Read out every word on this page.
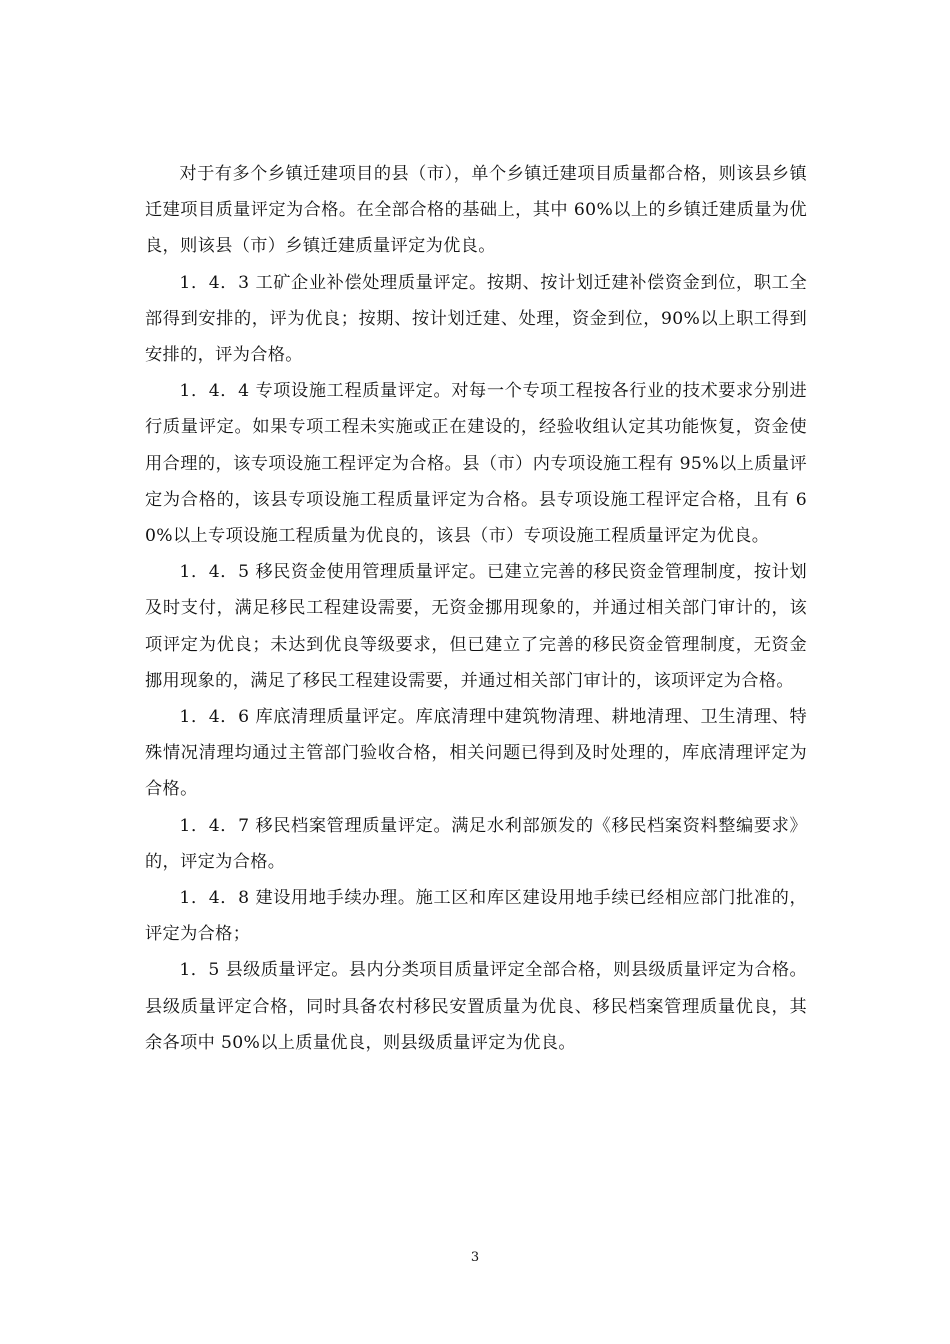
对于有多个乡镇迁建项目的县（市），单个乡镇迁建项目质量都合格，则该县乡镇迁建项目质量评定为合格。在全部合格的基础上，其中 60%以上的乡镇迁建质量为优良，则该县（市）乡镇迁建质量评定为优良。

1．4．3 工矿企业补偿处理质量评定。按期、按计划迁建补偿资金到位，职工全部得到安排的，评为优良；按期、按计划迁建、处理，资金到位，90%以上职工得到安排的，评为合格。

1．4．4 专项设施工程质量评定。对每一个专项工程按各行业的技术要求分别进行质量评定。如果专项工程未实施或正在建设的，经验收组认定其功能恢复，资金使用合理的，该专项设施工程评定为合格。县（市）内专项设施工程有 95%以上质量评定为合格的，该县专项设施工程质量评定为合格。县专项设施工程评定合格，且有 60%以上专项设施工程质量为优良的，该县（市）专项设施工程质量评定为优良。

1．4．5 移民资金使用管理质量评定。已建立完善的移民资金管理制度，按计划及时支付，满足移民工程建设需要，无资金挪用现象的，并通过相关部门审计的，该项评定为优良；未达到优良等级要求，但已建立了完善的移民资金管理制度，无资金挪用现象的，满足了移民工程建设需要，并通过相关部门审计的，该项评定为合格。

1．4．6 库底清理质量评定。库底清理中建筑物清理、耕地清理、卫生清理、特殊情况清理均通过主管部门验收合格，相关问题已得到及时处理的，库底清理评定为合格。

1．4．7 移民档案管理质量评定。满足水利部颁发的《移民档案资料整编要求》的，评定为合格。

1．4．8 建设用地手续办理。施工区和库区建设用地手续已经相应部门批准的，评定为合格；

1．5 县级质量评定。县内分类项目质量评定全部合格，则县级质量评定为合格。县级质量评定合格，同时具备农村移民安置质量为优良、移民档案管理质量优良，其余各项中 50%以上质量优良，则县级质量评定为优良。

3
